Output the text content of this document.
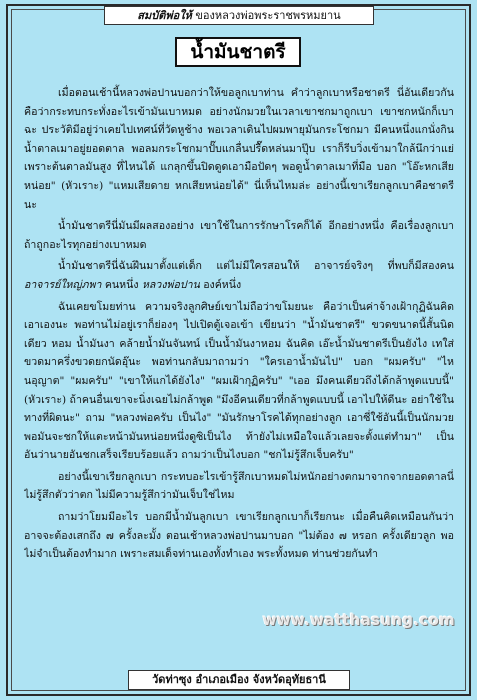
สมบัติพ่อให้ ของหลวงพ่อพระราชพรหมยาน
น้ำมันชาตรี

เมื่อตอนเช้านี้หลวงพ่อปานบอกว่าให้ขอลูกเบาท่าน คำว่าลูกเบาหรือชาตรี นี่อันเดียวกัน คือว่ากระทบกระทั่งอะไรเข้ามันเบาหมด อย่างนักมวยในเวลาเขาชกมาถูกเบา เขาชกหนักก็เบาฉะ ประวัติมีอยู่ว่าเคยไปเทศน์ที่วัดหูช้าง พอเวลาเดินไปผมพายุมันกระโชกมา มีคนหนึ่งแกนั่งกินน้ำตาลเมาอยู่ยอดตาล พอลมกระโชกมาปั๊บแกลื่นปรื๊ดหล่นมาปุ๊บ เราก็รีบวิ่งเข้ามาใกล้นึกว่าแย่ เพราะต้นตาลมันสูง ที่ไหนได้ แกลุกขึ้นปิดดูดเอามือปัดๆ พอดูน้ำตาลเมาที่มือ บอก "โอ๊ะหกเสียหน่อย" (หัวเราะ) "แหมเสียดาย หกเสียหน่อยได้" นี่เห็นไหมล่ะ อย่างนี้เขาเรียกลูกเบาคือชาตรีนะ

น้ำมันชาตรีนี่มันมีผลสองอย่าง เขาใช้ในการรักษาโรคก็ได้ อีกอย่างหนึ่ง คือเรื่องลูกเบา ถ้าถูกอะไรทุกอย่างเบาหมด

น้ำมันชาตรีนี่ฉันฝึนมาตั้งแต่เด็ก แต่ไม่มีใครสอนให้ อาจารย์จริงๆ ที่พบก็มีสองคน อาจารย์ใหญ่ภพา คนหนึ่ง หลวงพ่อปาน องค์หนึ่ง

ฉันเคยขโมยท่าน ความจริงลูกศิษย์เขาไม่ถือว่าขโมยนะ คือว่าเป็นค่าจ้างเฝ้ากุฏิฉันคิดเอาเองนะ พอท่านไม่อยู่เราก็ย่องๆ ไปเปิดตู้เจอเข้า เขียนว่า "น้ำมันชาตรี" ขวดขนาดนี้สั้นนิดเดียว หอม น้ำมันงา คล้ายน้ำมันจันทน์ เป็นน้ำมันงาหอม ฉันคิด เอ๊ะน้ำมันชาตรีเป็นยังไง เทใส่ขวดมาครึ่งขวดยกนัดอุ๊นะ พอท่านกลับมาถามว่า "ใครเอาน้ำมันไป" บอก "ผมครับ" "ไหนอุญาต" "ผมครับ" "เขาให้แกได้ยังไง" "ผมเฝ้ากุฏิครับ" "เออ มึงคนเดียวถึงได้กล้าพูดแบบนี้" (หัวเราะ) ถ้าคนอื่นเขาจะนิ่งเฉยไม่กล้าพูด "มึงอีคนเดียวที่กล้าพูดแบบนี้ เอาไปให้ดีนะ อย่าใช้ในทางที่ผิดนะ" ถาม "หลวงพ่อครับ เป็นไง" "มันรักษาโรคได้ทุกอย่างลูก เอาซี่ใช้อันนี้เป็นนักมวยพอมันจะชกให้แตะหน้ามันหน่อยหนึ่งดูซิเป็นไง ท้ายังไม่เหมือใจแล้วเลยจะตั้งแต่ทำมา" เป็นอันว่านายอันชกเสร็จเรียบร้อยแล้ว ถามว่าเป็นไงบอก "ชกไม่รู้สึกเจ็บครับ"

อย่างนี้เขาเรียกลูกเบา กระทบอะไรเข้ารู้สึกเบาหมดไม่หนักอย่างตกมาจากจากยอดตาลนี่ไม่รู้สึกตัวว่าตก ไม่มีความรู้สึกว่ามันเจ็บใช่ไหม

ถามว่าโยมมีอะไร บอกมีน้ำมันลูกเบา เขาเรียกลูกเบาก็เรียกนะ เมื่อคืนคิดเหมือนกันว่าอาจจะต้องเสกถึง ๗ ครั้งละมั้ง ตอนเช้าหลวงพ่อปานมาบอก "ไม่ต้อง ๗ หรอก ครั้งเดียวลูก พอ ไม่จำเป็นต้องทำมาก เพราะสมเด็จท่านเองทั้งทำเอง พระทั้งหมด ท่านช่วยกันทำ

www.watthasung.com
วัดท่าซุง อำเภอเมือง จังหวัดอุทัยธานี
